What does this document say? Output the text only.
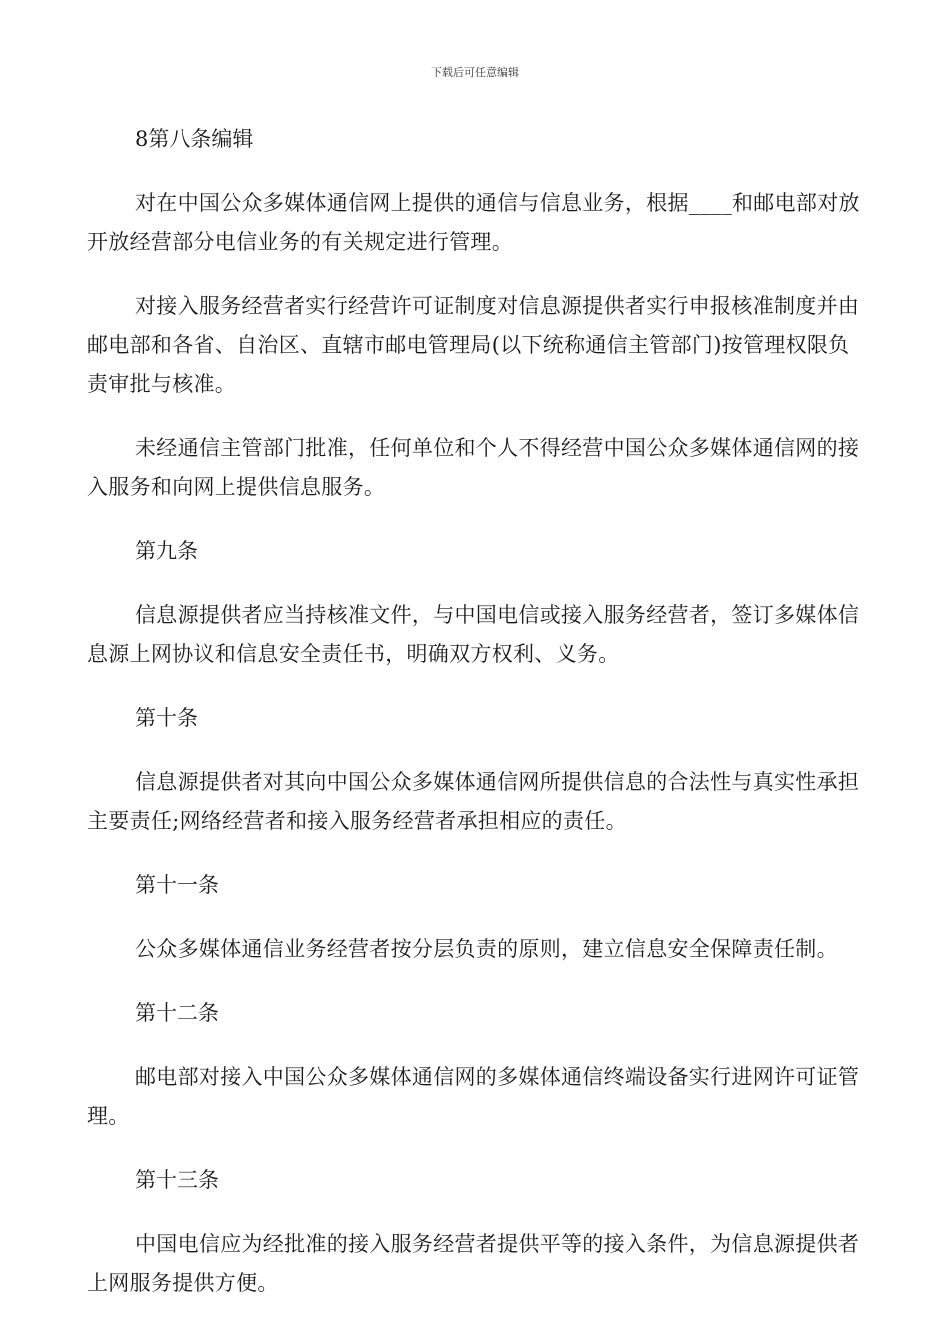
下载后可任意编辑

8第八条编辑

对在中国公众多媒体通信网上提供的通信与信息业务，根据____和邮电部对放开放经营部分电信业务的有关规定进行管理。

对接入服务经营者实行经营许可证制度对信息源提供者实行申报核准制度并由邮电部和各省、自治区、直辖市邮电管理局(以下统称通信主管部门)按管理权限负责审批与核准。

未经通信主管部门批准，任何单位和个人不得经营中国公众多媒体通信网的接入服务和向网上提供信息服务。

第九条

信息源提供者应当持核准文件，与中国电信或接入服务经营者，签订多媒体信息源上网协议和信息安全责任书，明确双方权利、义务。

第十条

信息源提供者对其向中国公众多媒体通信网所提供信息的合法性与真实性承担主要责任;网络经营者和接入服务经营者承担相应的责任。

第十一条

公众多媒体通信业务经营者按分层负责的原则，建立信息安全保障责任制。

第十二条

邮电部对接入中国公众多媒体通信网的多媒体通信终端设备实行进网许可证管理。

第十三条

中国电信应为经批准的接入服务经营者提供平等的接入条件，为信息源提供者上网服务提供方便。
